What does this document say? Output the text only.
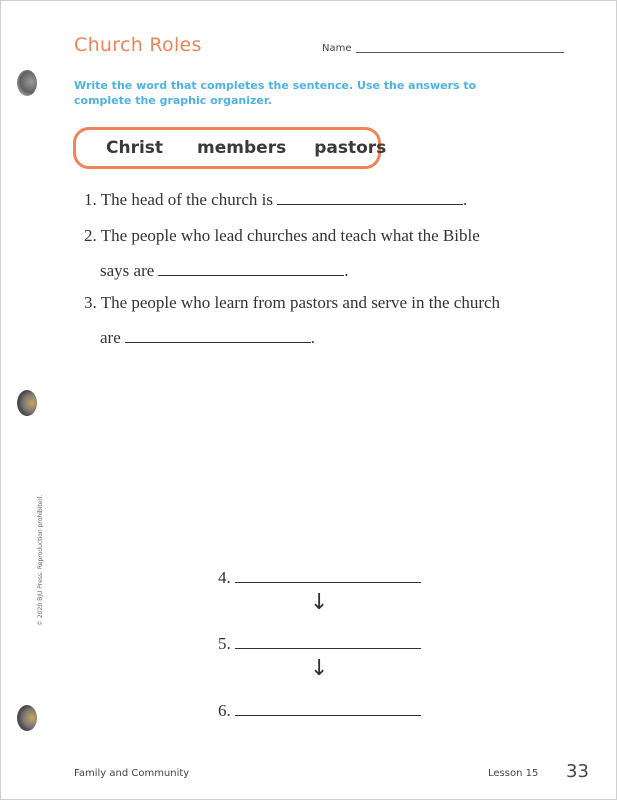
Church Roles	Name
Write the word that completes the sentence. Use the answers to complete the graphic organizer.
Christ members pastors
1. The head of the church is	.
2. The people who lead churches and teach what the Bible
says are	.
3. The people who learn from pastors and serve in the church
are	.
4.
↓
5.
↓
6.
© 2020 BJU Press. Reproduction prohibited.
Family and Community	Lesson 15 33
